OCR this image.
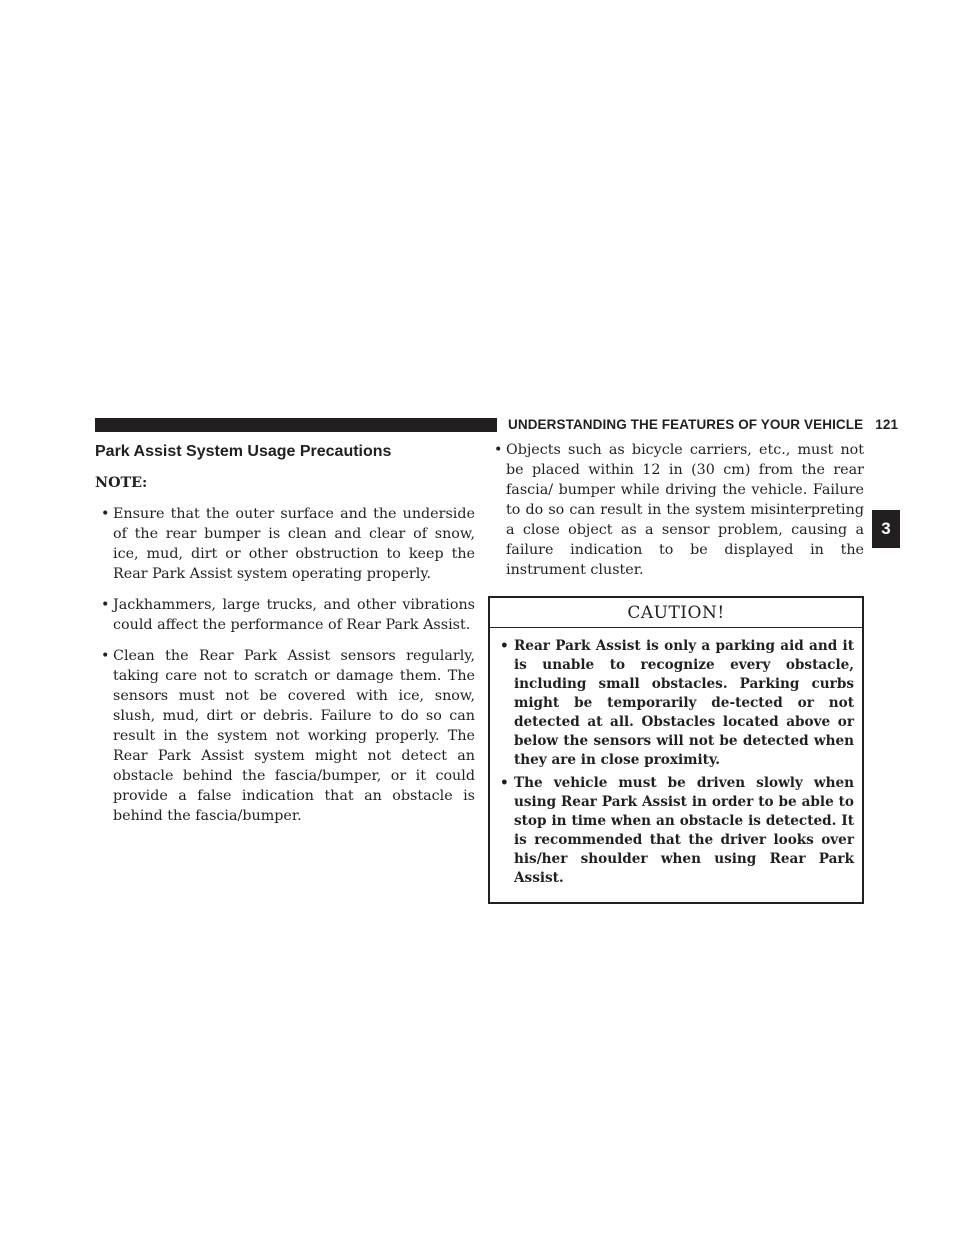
UNDERSTANDING THE FEATURES OF YOUR VEHICLE 121
3
Park Assist System Usage Precautions
NOTE:
• Ensure that the outer surface and the underside of the rear bumper is clean and clear of snow, ice, mud, dirt or other obstruction to keep the Rear Park Assist system operating properly.
• Jackhammers, large trucks, and other vibrations could affect the performance of Rear Park Assist.
• Clean the Rear Park Assist sensors regularly, taking care not to scratch or damage them. The sensors must not be covered with ice, snow, slush, mud, dirt or debris. Failure to do so can result in the system not working properly. The Rear Park Assist system might not detect an obstacle behind the fascia/bumper, or it could provide a false indication that an obstacle is behind the fascia/bumper.
• Objects such as bicycle carriers, etc., must not be placed within 12 in (30 cm) from the rear fascia/ bumper while driving the vehicle. Failure to do so can result in the system misinterpreting a close object as a sensor problem, causing a failure indication to be displayed in the instrument cluster.
CAUTION!
• Rear Park Assist is only a parking aid and it is unable to recognize every obstacle, including small obstacles. Parking curbs might be temporarily de-tected or not detected at all. Obstacles located above or below the sensors will not be detected when they are in close proximity.
• The vehicle must be driven slowly when using Rear Park Assist in order to be able to stop in time when an obstacle is detected. It is recommended that the driver looks over his/her shoulder when using Rear Park Assist.
